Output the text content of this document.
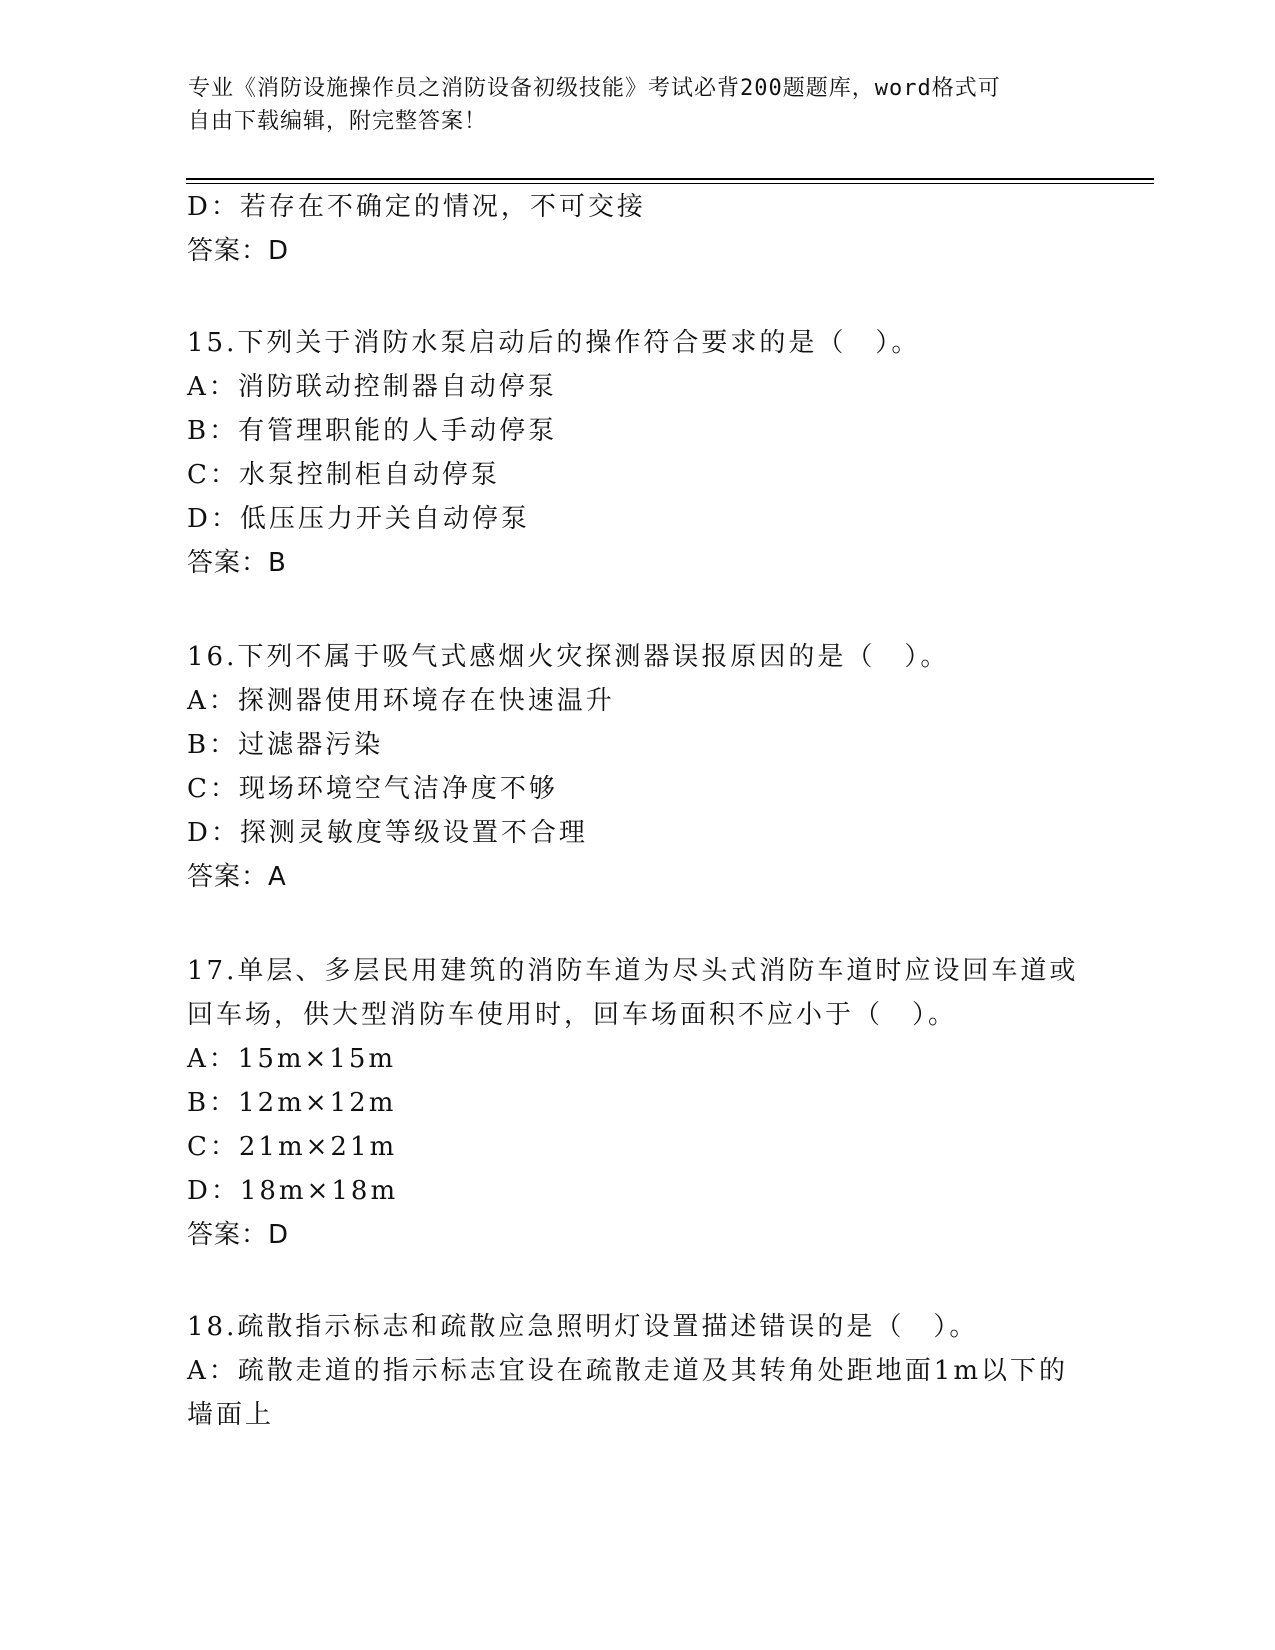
专业《消防设施操作员之消防设备初级技能》考试必背200题题库，word格式可
自由下载编辑，附完整答案！
D：若存在不确定的情况，不可交接
答案：D
15.下列关于消防水泵启动后的操作符合要求的是（　）。
A：消防联动控制器自动停泵
B：有管理职能的人手动停泵
C：水泵控制柜自动停泵
D：低压压力开关自动停泵
答案：B
16.下列不属于吸气式感烟火灾探测器误报原因的是（　）。
A：探测器使用环境存在快速温升
B：过滤器污染
C：现场环境空气洁净度不够
D：探测灵敏度等级设置不合理
答案：A
17.单层、多层民用建筑的消防车道为尽头式消防车道时应设回车道或
回车场，供大型消防车使用时，回车场面积不应小于（　）。
A：15m×15m
B：12m×12m
C：21m×21m
D：18m×18m
答案：D
18.疏散指示标志和疏散应急照明灯设置描述错误的是（　）。
A：疏散走道的指示标志宜设在疏散走道及其转角处距地面1m以下的
墙面上
